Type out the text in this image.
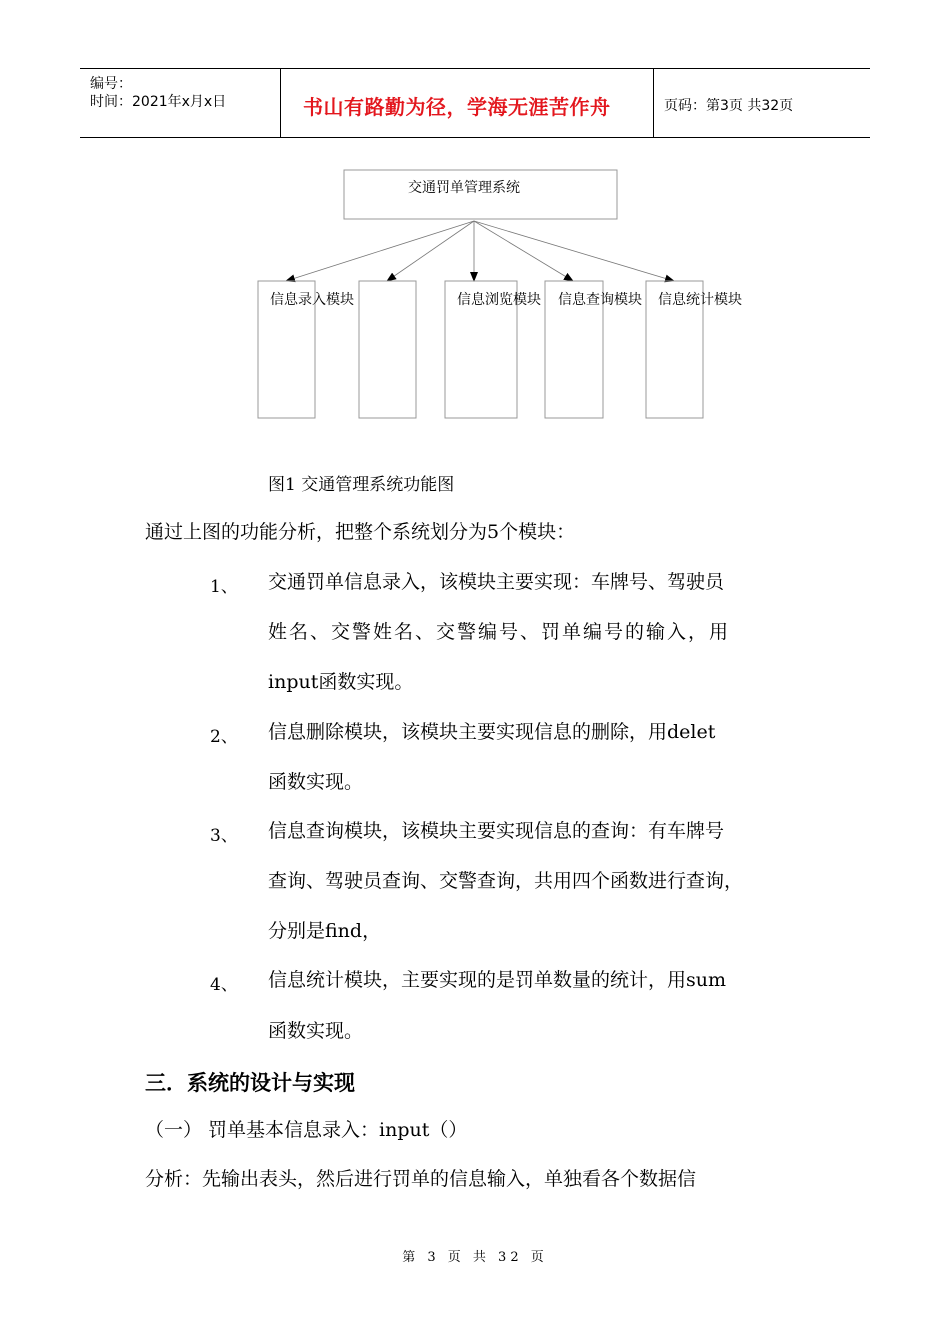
编号：
时间：2021年x月x日	书山有路勤为径，学海无涯苦作舟	页码：第3页 共32页
交通罚单管理系统
信息录入模块	信息浏览模块 信息查询模块 信息统计模块
图1 交通管理系统功能图
通过上图的功能分析，把整个系统划分为5个模块：
1、 交通罚单信息录入，该模块主要实现：车牌号、驾驶员
姓名、交警姓名、交警编号、罚单编号的输入，用
input函数实现。
2、 信息删除模块，该模块主要实现信息的删除，用delet
函数实现。
3、 信息查询模块，该模块主要实现信息的查询：有车牌号
查询、驾驶员查询、交警查询，共用四个函数进行查询，
分别是find，
4、 信息统计模块，主要实现的是罚单数量的统计，用sum
函数实现。
三．系统的设计与实现
（一） 罚单基本信息录入：input（）
分析：先输出表头，然后进行罚单的信息输入，单独看各个数据信
第 3 页 共 32 页
